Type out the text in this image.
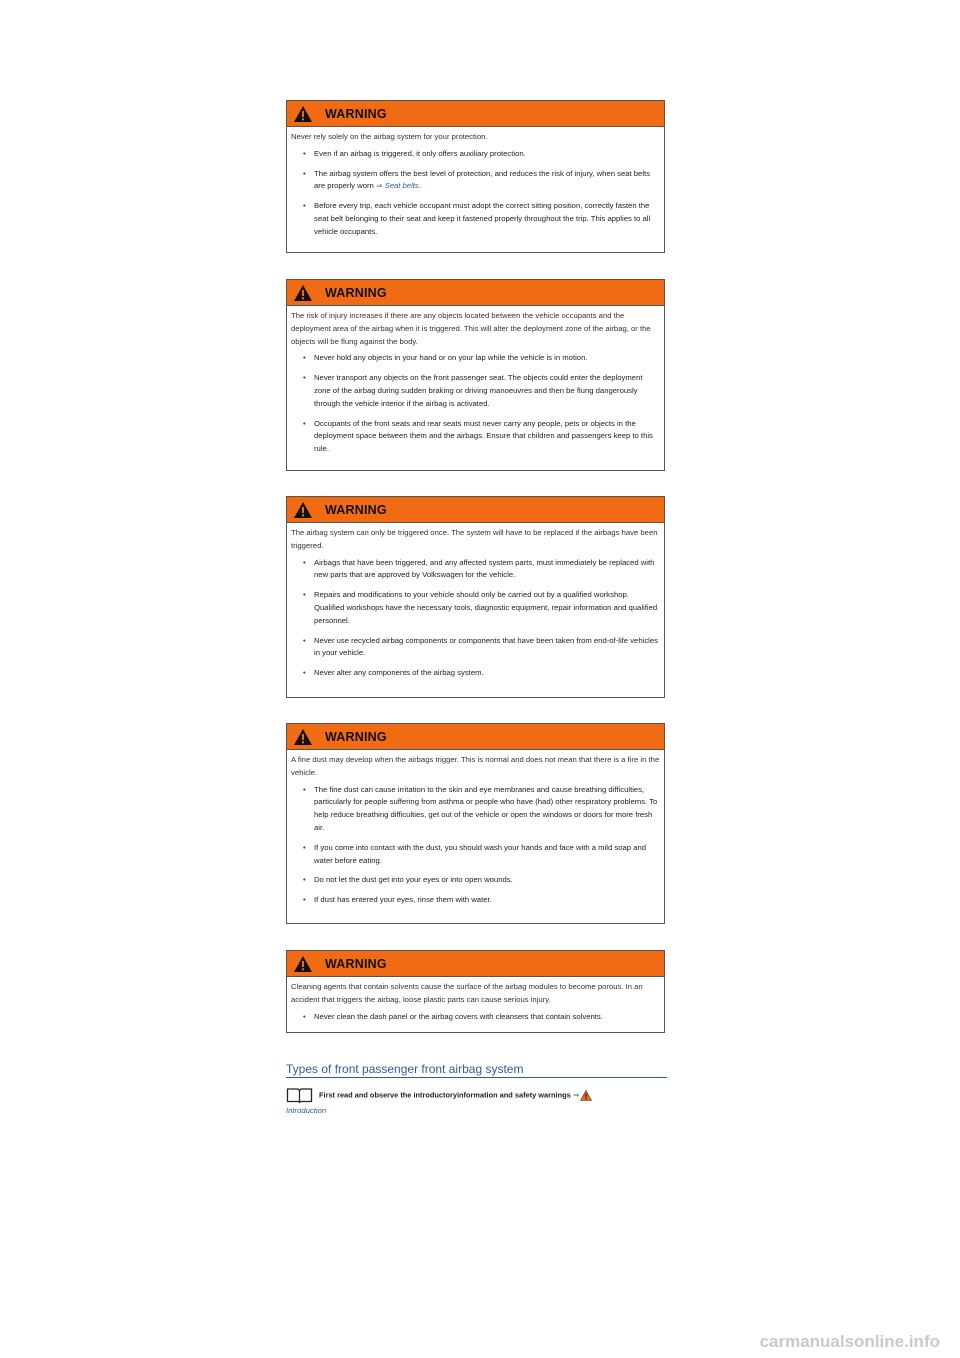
WARNING

Never rely solely on the airbag system for your protection.

• Even if an airbag is triggered, it only offers auxiliary protection.
• The airbag system offers the best level of protection, and reduces the risk of injury, when seat belts are properly worn ⇒ Seat belts.
• Before every trip, each vehicle occupant must adopt the correct sitting position, correctly fasten the seat belt belonging to their seat and keep it fastened properly throughout the trip. This applies to all vehicle occupants.
WARNING

The risk of injury increases if there are any objects located between the vehicle occupants and the deployment area of the airbag when it is triggered. This will alter the deployment zone of the airbag, or the objects will be flung against the body.

• Never hold any objects in your hand or on your lap while the vehicle is in motion.
• Never transport any objects on the front passenger seat. The objects could enter the deployment zone of the airbag during sudden braking or driving manoeuvres and then be flung dangerously through the vehicle interior if the airbag is activated.
• Occupants of the front seats and rear seats must never carry any people, pets or objects in the deployment space between them and the airbags. Ensure that children and passengers keep to this rule.
WARNING

The airbag system can only be triggered once. The system will have to be replaced if the airbags have been triggered.

• Airbags that have been triggered, and any affected system parts, must immediately be replaced with new parts that are approved by Volkswagen for the vehicle.
• Repairs and modifications to your vehicle should only be carried out by a qualified workshop. Qualified workshops have the necessary tools, diagnostic equipment, repair information and qualified personnel.
• Never use recycled airbag components or components that have been taken from end-of-life vehicles in your vehicle.
• Never alter any components of the airbag system.
WARNING

A fine dust may develop when the airbags trigger. This is normal and does not mean that there is a fire in the vehicle.

• The fine dust can cause irritation to the skin and eye membranes and cause breathing difficulties, particularly for people suffering from asthma or people who have (had) other respiratory problems. To help reduce breathing difficulties, get out of the vehicle or open the windows or doors for more fresh air.
• If you come into contact with the dust, you should wash your hands and face with a mild soap and water before eating.
• Do not let the dust get into your eyes or into open wounds.
• If dust has entered your eyes, rinse them with water.
WARNING

Cleaning agents that contain solvents cause the surface of the airbag modules to become porous. In an accident that triggers the airbag, loose plastic parts can cause serious injury.

• Never clean the dash panel or the airbag covers with cleansers that contain solvents.
Types of front passenger front airbag system
First read and observe the introductoryinformation and safety warnings ⇒
Introduction
carmanualsonline.info
